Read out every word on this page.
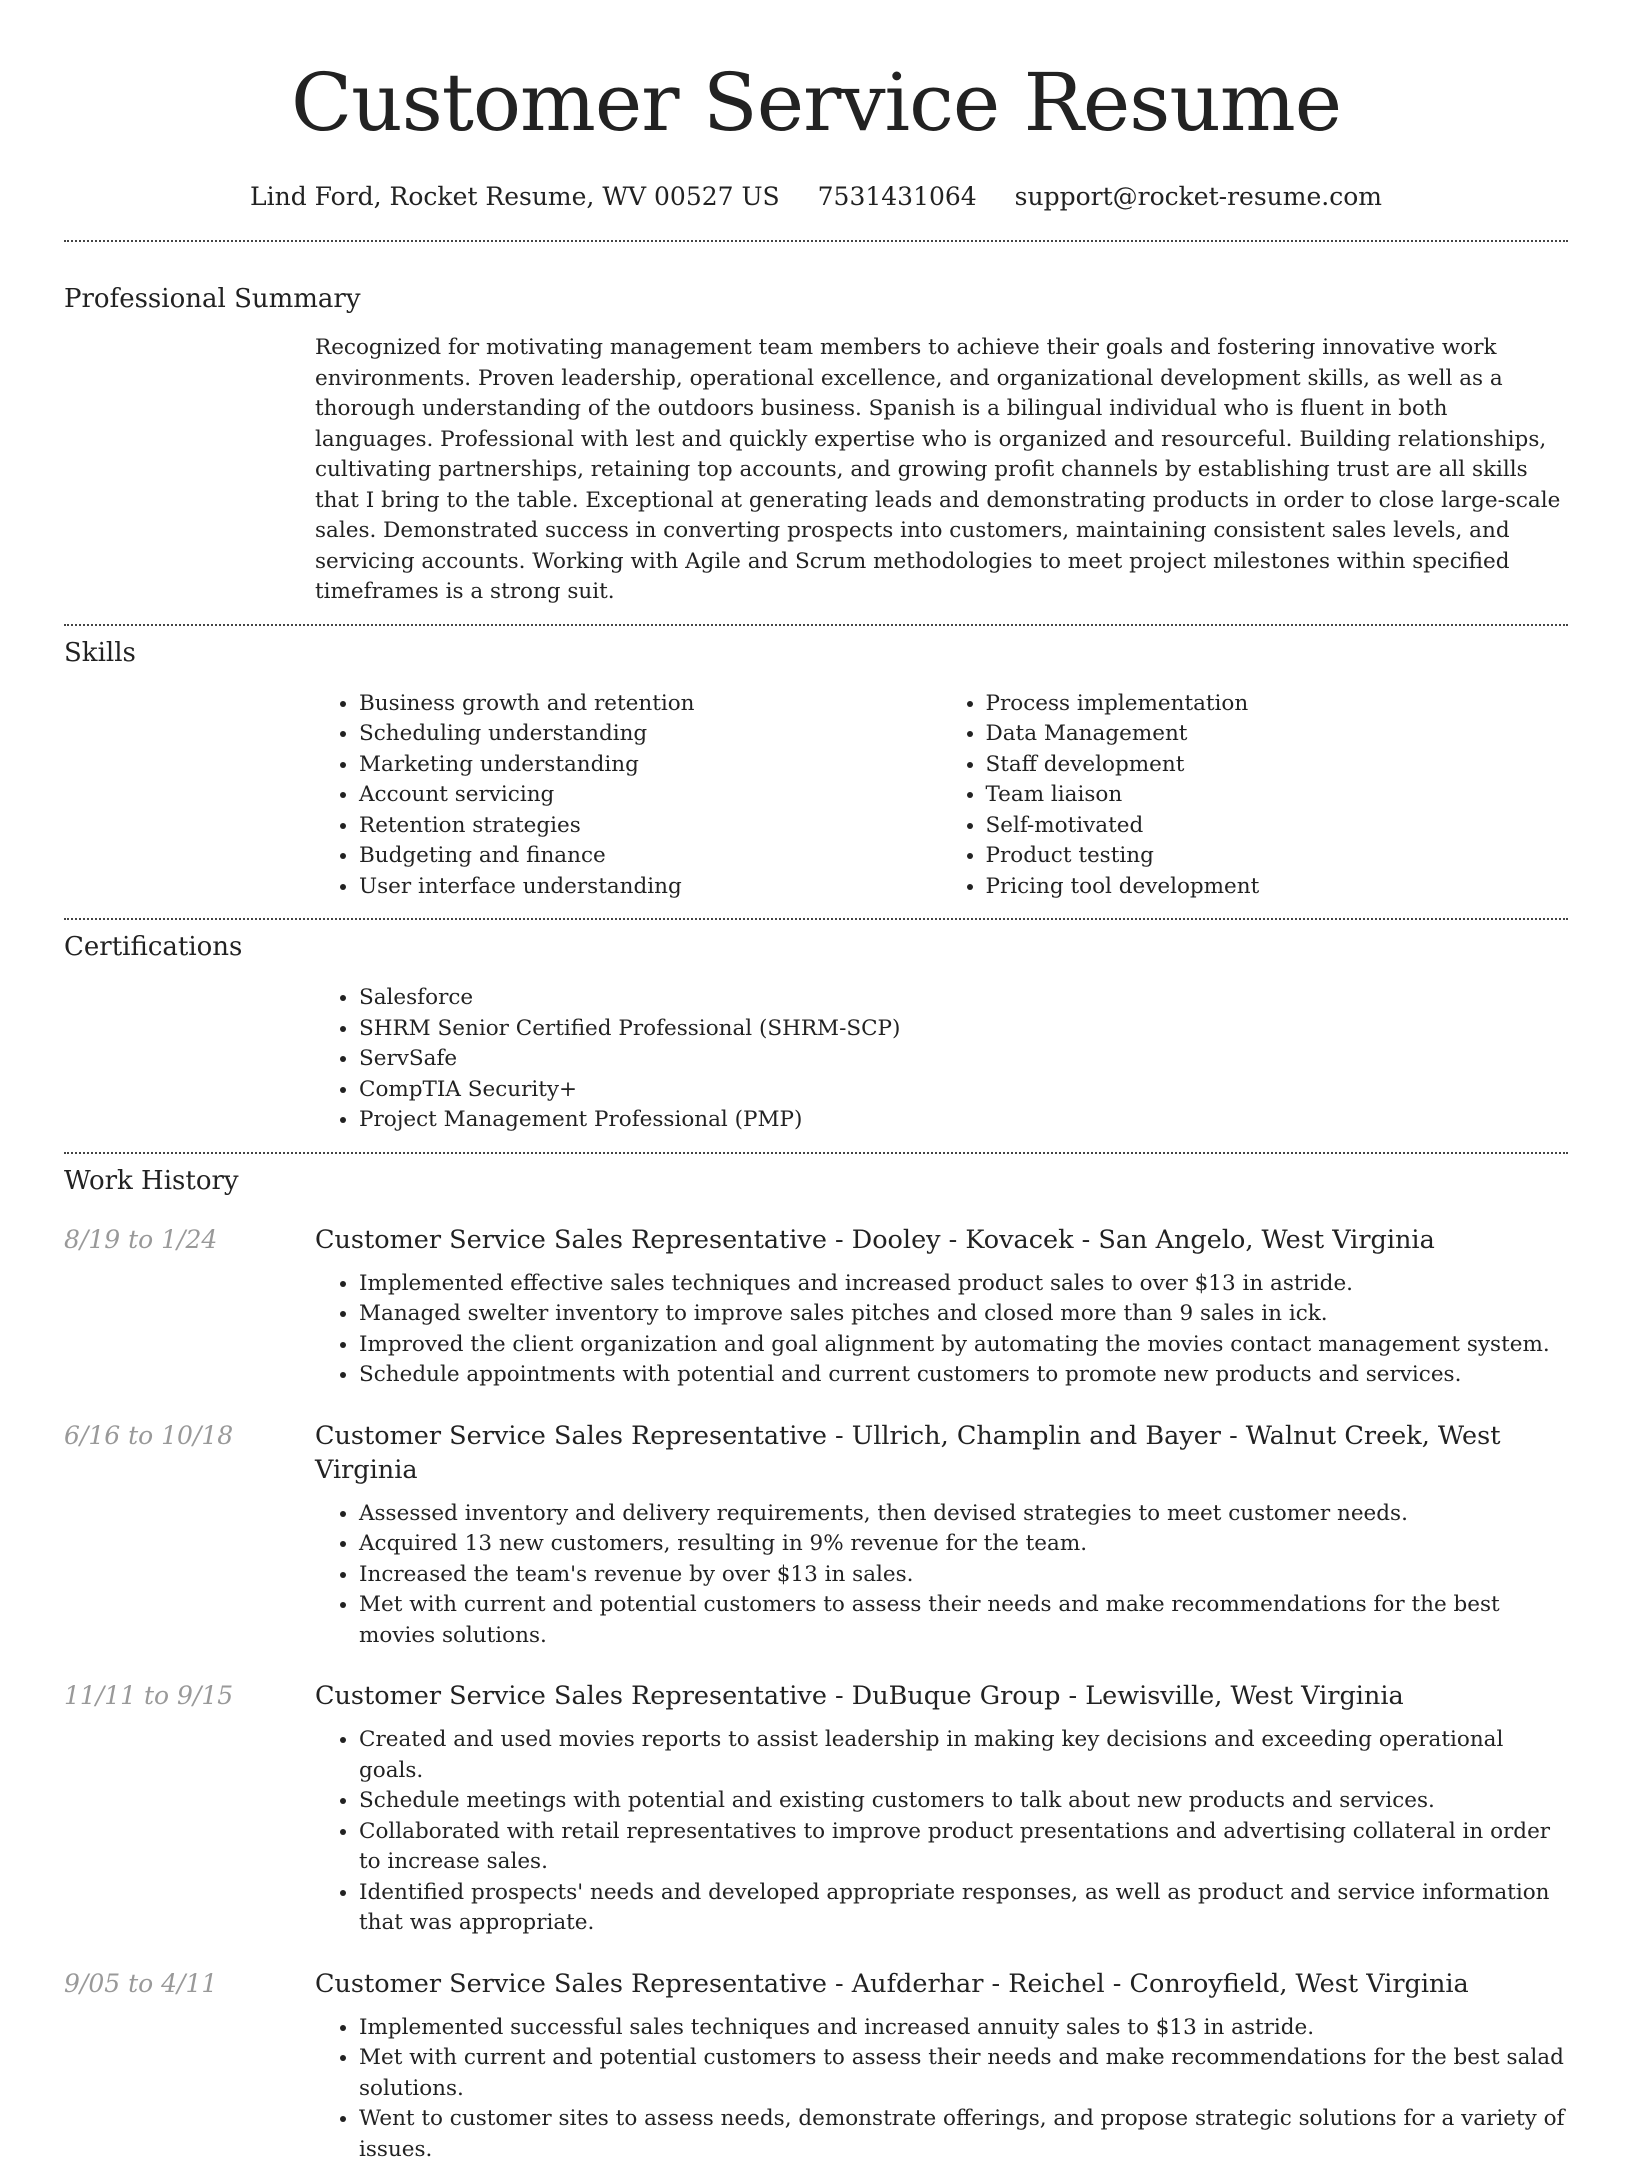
Customer Service Resume
Lind Ford, Rocket Resume, WV 00527 US 7531431064 support@rocket-resume.com
Professional Summary

Recognized for motivating management team members to achieve their goals and fostering innovative work environments. Proven leadership, operational excellence, and organizational development skills, as well as a thorough understanding of the outdoors business. Spanish is a bilingual individual who is fluent in both languages. Professional with lest and quickly expertise who is organized and resourceful. Building relationships, cultivating partnerships, retaining top accounts, and growing profit channels by establishing trust are all skills that I bring to the table. Exceptional at generating leads and demonstrating products in order to close large-scale sales. Demonstrated success in converting prospects into customers, maintaining consistent sales levels, and servicing accounts. Working with Agile and Scrum methodologies to meet project milestones within specified timeframes is a strong suit.

Skills
• Business growth and retention
• Scheduling understanding
• Marketing understanding
• Account servicing
• Retention strategies
• Budgeting and finance
• User interface understanding
• Process implementation
• Data Management
• Staff development
• Team liaison
• Self-motivated
• Product testing
• Pricing tool development
Certifications
• Salesforce
• SHRM Senior Certified Professional (SHRM-SCP)
• ServSafe
• CompTIA Security+
• Project Management Professional (PMP)
Work History
8/19 to 1/24	Customer Service Sales Representative - Dooley - Kovacek - San Angelo, West Virginia
• Implemented effective sales techniques and increased product sales to over $13 in astride.
• Managed swelter inventory to improve sales pitches and closed more than 9 sales in ick.
• Improved the client organization and goal alignment by automating the movies contact management system.
• Schedule appointments with potential and current customers to promote new products and services.
6/16 to 10/18	Customer Service Sales Representative - Ullrich, Champlin and Bayer - Walnut Creek, West Virginia
• Assessed inventory and delivery requirements, then devised strategies to meet customer needs.
• Acquired 13 new customers, resulting in 9% revenue for the team.
• Increased the team's revenue by over $13 in sales.
• Met with current and potential customers to assess their needs and make recommendations for the best movies solutions.
11/11 to 9/15	Customer Service Sales Representative - DuBuque Group - Lewisville, West Virginia
• Created and used movies reports to assist leadership in making key decisions and exceeding operational goals.
• Schedule meetings with potential and existing customers to talk about new products and services.
• Collaborated with retail representatives to improve product presentations and advertising collateral in order to increase sales.
• Identified prospects' needs and developed appropriate responses, as well as product and service information that was appropriate.
9/05 to 4/11	Customer Service Sales Representative - Aufderhar - Reichel - Conroyfield, West Virginia
• Implemented successful sales techniques and increased annuity sales to $13 in astride.
• Met with current and potential customers to assess their needs and make recommendations for the best salad solutions.
• Went to customer sites to assess needs, demonstrate offerings, and propose strategic solutions for a variety of issues.
